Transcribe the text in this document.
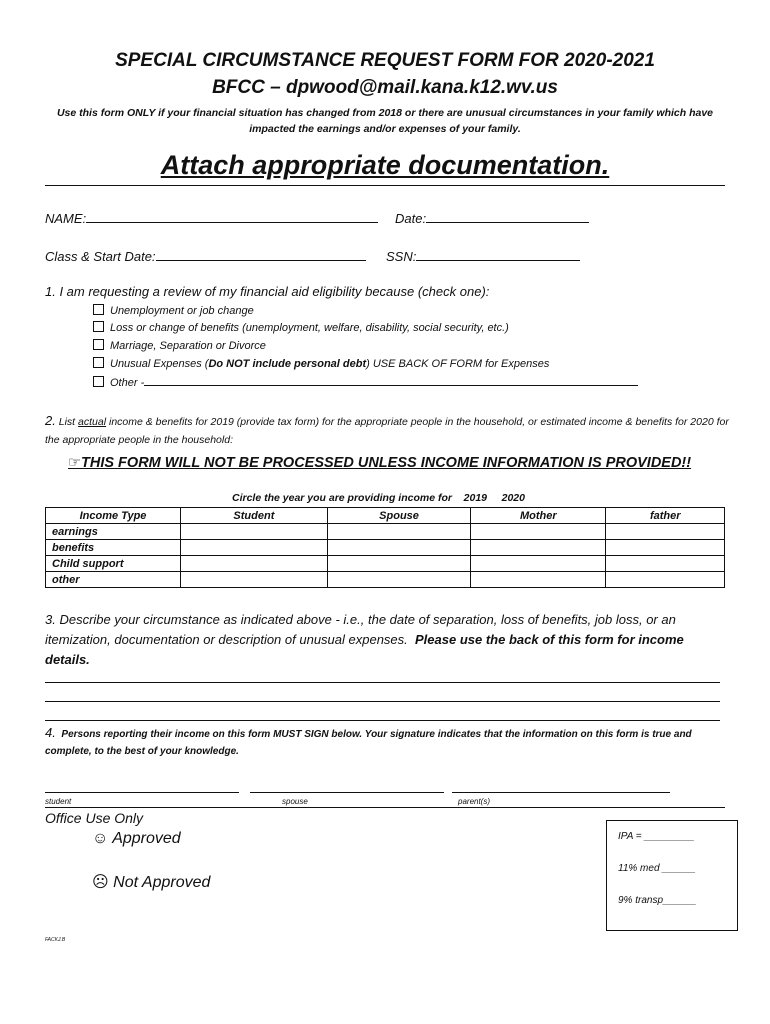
SPECIAL CIRCUMSTANCE REQUEST FORM FOR 2020-2021
BFCC – dpwood@mail.kana.k12.wv.us
Use this form ONLY if your financial situation has changed from 2018 or there are unusual circumstances in your family which have impacted the earnings and/or expenses of your family.
Attach appropriate documentation.
NAME:	Date:
Class & Start Date:	SSN:
1. I am requesting a review of my financial aid eligibility because (check one):
Unemployment or job change
Loss or change of benefits (unemployment, welfare, disability, social security, etc.)
Marriage, Separation or Divorce
Unusual Expenses (Do NOT include personal debt) USE BACK OF FORM for Expenses
Other -
2. List actual income & benefits for 2019 (provide tax form) for the appropriate people in the household, or estimated income & benefits for 2020 for the appropriate people in the household:
☞THIS FORM WILL NOT BE PROCESSED UNLESS INCOME INFORMATION IS PROVIDED!!
Circle the year you are providing income for 2019 2020
Income Type	Student	Spouse	Mother	father
earnings				
benefits				
Child support				
other				
3. Describe your circumstance as indicated above - i.e., the date of separation, loss of benefits, job loss, or an itemization, documentation or description of unusual expenses. Please use the back of this form for income details.
4. Persons reporting their income on this form MUST SIGN below. Your signature indicates that the information on this form is true and complete, to the best of your knowledge.
student	spouse	parent(s)
Office Use Only
☺ Approved
☹ Not Approved
IPA = _________
11% med ______
9% transp______
FACKJ.B
